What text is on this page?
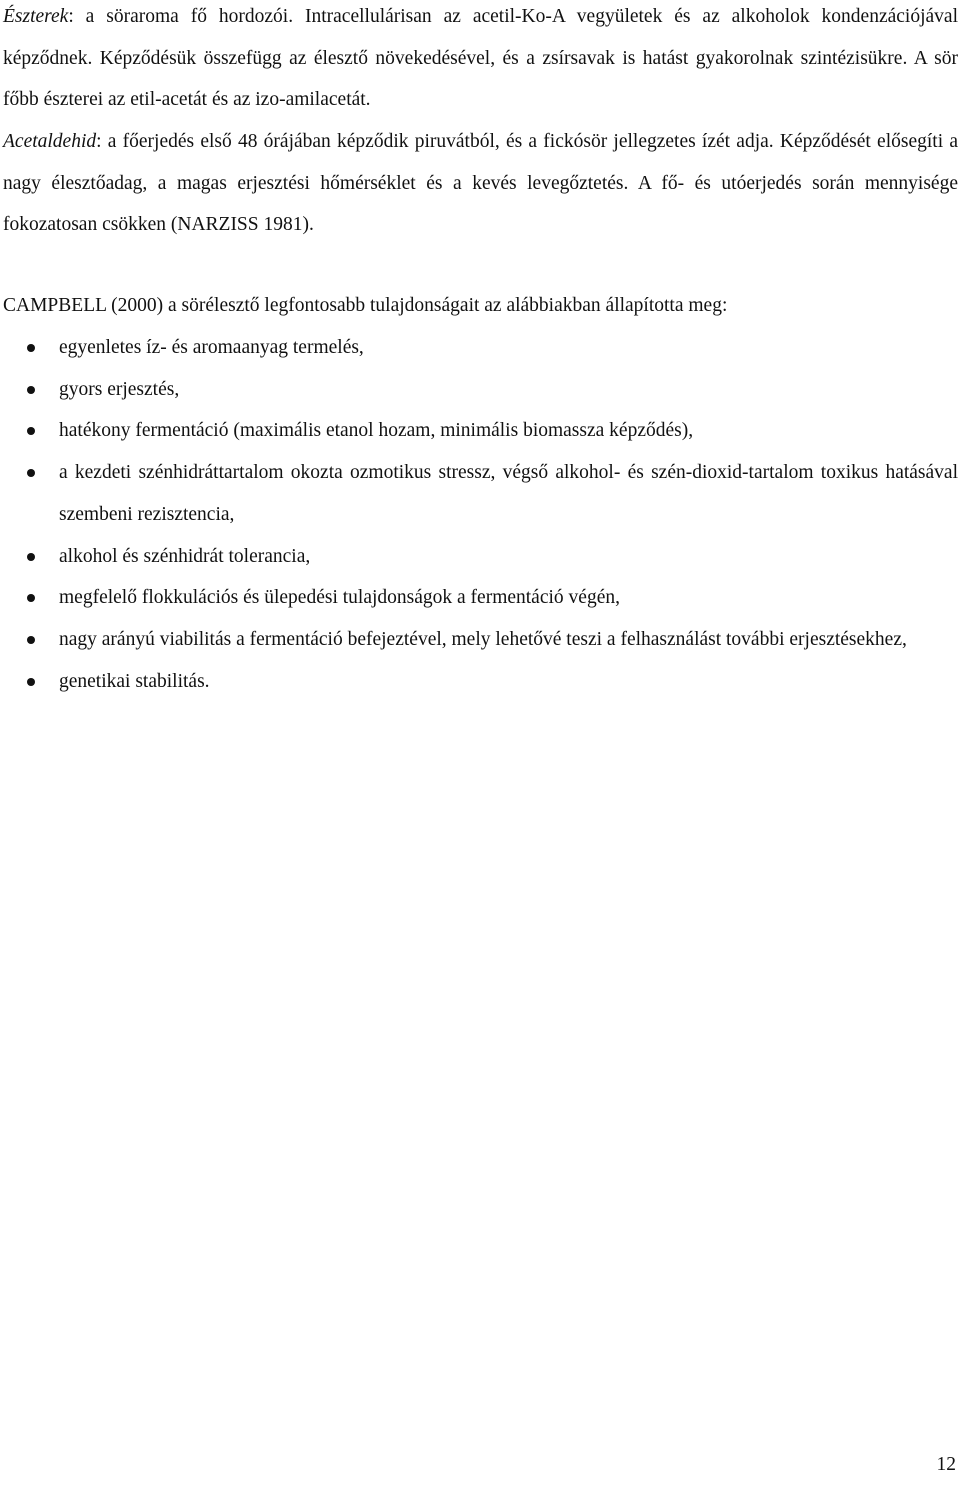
Észterek: a söraroma fő hordozói. Intracellulárisan az acetil-Ko-A vegyületek és az alkoholok kondenzációjával képződnek. Képződésük összefügg az élesztő növekedésével, és a zsírsavak is hatást gyakorolnak szintézisükre. A sör főbb észterei az etil-acetát és az izo-amilacetát.

Acetaldehid: a főerjedés első 48 órájában képződik piruvátból, és a fickósör jellegzetes ízét adja. Képződését elősegíti a nagy élesztőadag, a magas erjesztési hőmérséklet és a kevés levegőztetés. A fő- és utóerjedés során mennyisége fokozatosan csökken (NARZISS 1981).

CAMPBELL (2000) a sörélesztő legfontosabb tulajdonságait az alábbiakban állapította meg:

egyenletes íz- és aromaanyag termelés,
gyors erjesztés,
hatékony fermentáció (maximális etanol hozam, minimális biomassza képződés),
a kezdeti szénhidráttartalom okozta ozmotikus stressz, végső alkohol- és szén-dioxid-tartalom toxikus hatásával szembeni rezisztencia,
alkohol és szénhidrát tolerancia,
megfelelő flokkulációs és ülepedési tulajdonságok a fermentáció végén,
nagy arányú viabilitás a fermentáció befejeztével, mely lehetővé teszi a felhasználást további erjesztésekhez,
genetikai stabilitás.
12
